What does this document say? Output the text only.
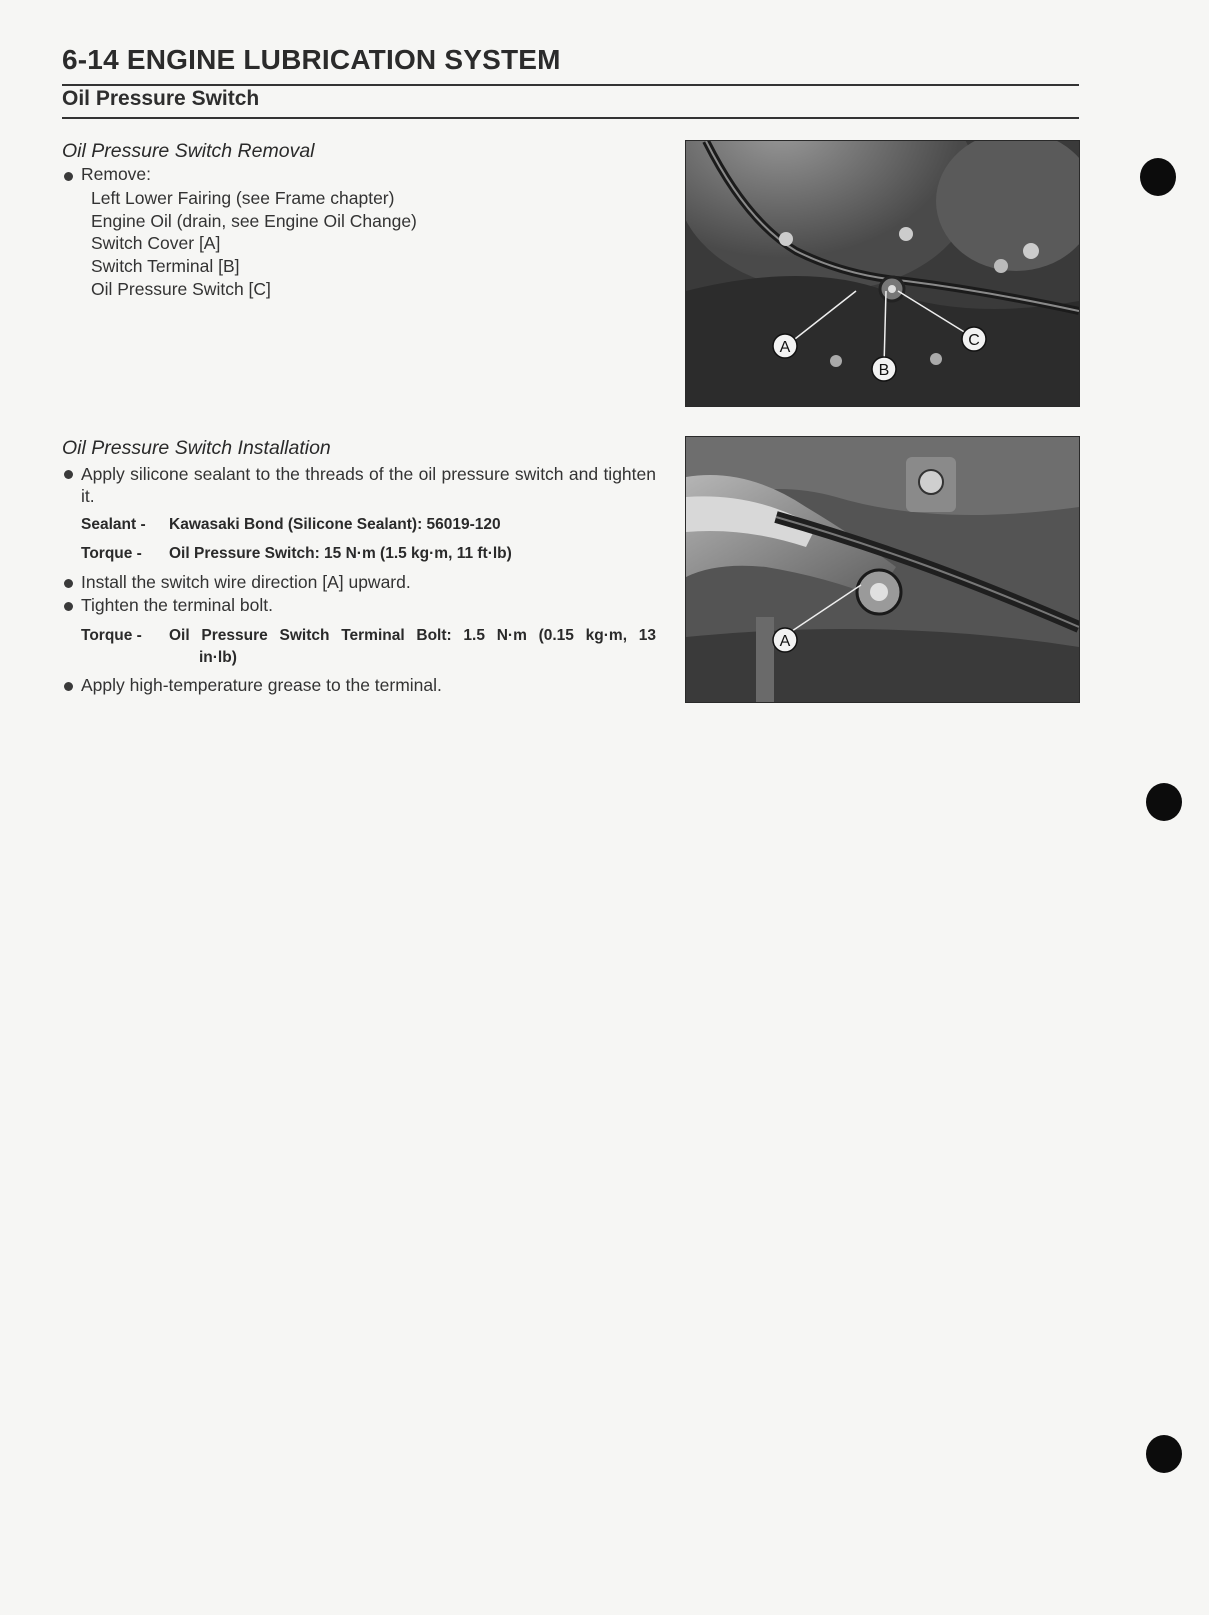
6-14 ENGINE LUBRICATION SYSTEM
Oil Pressure Switch
Oil Pressure Switch Removal
Remove:
Left Lower Fairing (see Frame chapter)
Engine Oil (drain, see Engine Oil Change)
Switch Cover [A]
Switch Terminal [B]
Oil Pressure Switch [C]
Oil Pressure Switch Installation
Apply silicone sealant to the threads of the oil pressure switch and tighten it.
Sealant - Kawasaki Bond (Silicone Sealant): 56019-120
Torque - Oil Pressure Switch: 15 N·m (1.5 kg·m, 11 ft·lb)
Install the switch wire direction [A] upward.
Tighten the terminal bolt.
Torque - Oil Pressure Switch Terminal Bolt: 1.5 N·m (0.15 kg·m, 13
in·lb)
Apply high-temperature grease to the terminal.
A
B
C
A
